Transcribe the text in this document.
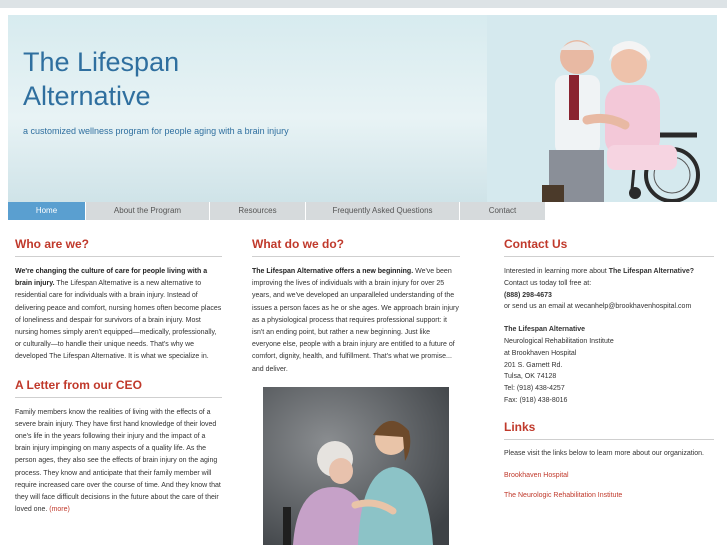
The Lifespan Alternative
a customized wellness program for people aging with a brain injury
Home	About the Program	Resources	Frequently Asked Questions	Contact
Who are we?

We're changing the culture of care for people living with a brain injury. The Lifespan Alternative is a new alternative to residential care for individuals with a brain injury. Instead of delivering peace and comfort, nursing homes often become places of loneliness and despair for survivors of a brain injury. Most nursing homes simply aren't equipped—medically, professionally, or culturally—to handle their unique needs. That's why we developed The Lifespan Alternative. It is what we specialize in.

A Letter from our CEO

Family members know the realities of living with the effects of a severe brain injury. They have first hand knowledge of their loved one's life in the years following their injury and the impact of a brain injury impinging on many aspects of a quality life. As the person ages, they also see the effects of brain injury on the aging process. They know and anticipate that their family member will require increased care over the course of time. And they know that they will face difficult decisions in the future about the care of their loved one. (more)

What do we do?

The Lifespan Alternative offers a new beginning. We've been improving the lives of individuals with a brain injury for over 25 years, and we've developed an unparalleled understanding of the issues a person faces as he or she ages. We approach brain injury as a physiological process that requires professional support: it isn't an ending point, but rather a new beginning. Just like everyone else, people with a brain injury are entitled to a future of comfort, dignity, health, and fulfillment. That's what we promise... and deliver.

Contact Us
Interested in learning more about The Lifespan Alternative?
Contact us today toll free at:
(888) 298-4673
or send us an email at wecanhelp@brookhavenhospital.com
The Lifespan Alternative
Neurological Rehabilitation Institute
at Brookhaven Hospital
201 S. Garnett Rd.
Tulsa, OK 74128
Tel: (918) 438-4257
Fax: (918) 438-8016
Links
Please visit the links below to learn more about our organization.
Brookhaven Hospital
The Neurologic Rehabilitation Institute
